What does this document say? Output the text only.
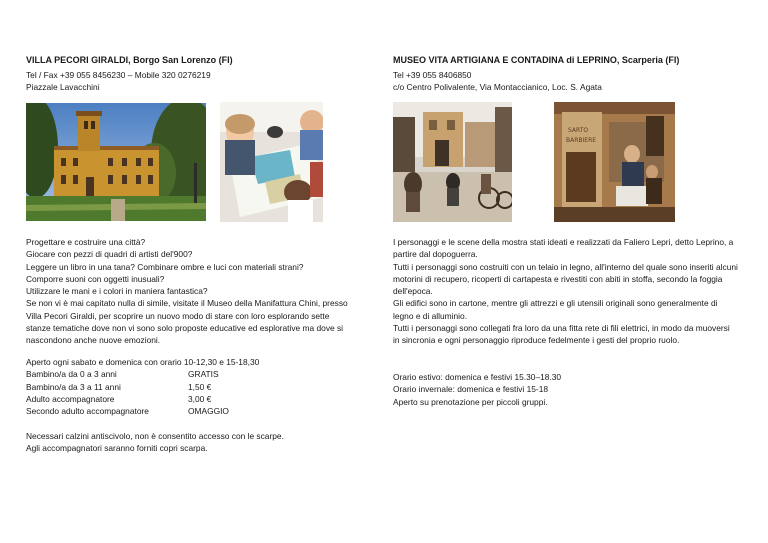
VILLA PECORI GIRALDI, Borgo San Lorenzo (FI)
Tel / Fax +39 055 8456230 – Mobile 320 0276219
Piazzale Lavacchini

Progettare e costruire una città?

Giocare con pezzi di quadri di artisti del'900?

Leggere un libro in una tana? Combinare ombre e luci con materiali strani?

Comporre suoni con oggetti inusuali?

Utilizzare le mani e i colori in maniera fantastica?

Se non vi è mai capitato nulla di simile, visitate il Museo della Manifattura Chini, presso Villa Pecori Giraldi, per scoprire un nuovo modo di stare con loro esplorando sette stanze tematiche dove non vi sono solo proposte educative ed esplorative ma dove si nascondono anche nuove emozioni.

Aperto ogni sabato e domenica con orario 10-12,30 e 15-18,30

Bambino/a da 0 a 3 anni	GRATIS
Bambino/a da 3 a 11 anni	1,50 €
Adulto accompagnatore	3,00 €
Secondo adulto accompagnatore	OMAGGIO

Necessari calzini antiscivolo, non è consentito accesso con le scarpe.

Agli accompagnatori saranno forniti copri scarpa.

MUSEO VITA ARTIGIANA E CONTADINA di LEPRINO, Scarperia (FI)
Tel +39 055 8406850
c/o Centro Polivalente, Via Montaccianico, Loc. S. Agata
SARTO
BARBIERE

I personaggi e le scene della mostra stati ideati e realizzati da Faliero Lepri, detto Leprino, a partire dal dopoguerra.

Tutti i personaggi sono costruiti con un telaio in legno, all'interno del quale sono inseriti alcuni motorini di recupero, ricoperti di cartapesta e rivestiti con abiti in stoffa, secondo la foggia dell'epoca.

Gli edifici sono in cartone, mentre gli attrezzi e gli utensili originali sono generalmente di legno e di alluminio.

Tutti i personaggi sono collegati fra loro da una fitta rete di fili elettrici, in modo da muoversi in sincronia e ogni personaggio riproduce fedelmente i gesti del proprio ruolo.

Orario estivo: domenica e festivi 15.30–18.30

Orario invernale: domenica e festivi 15-18

Aperto su prenotazione per piccoli gruppi.
